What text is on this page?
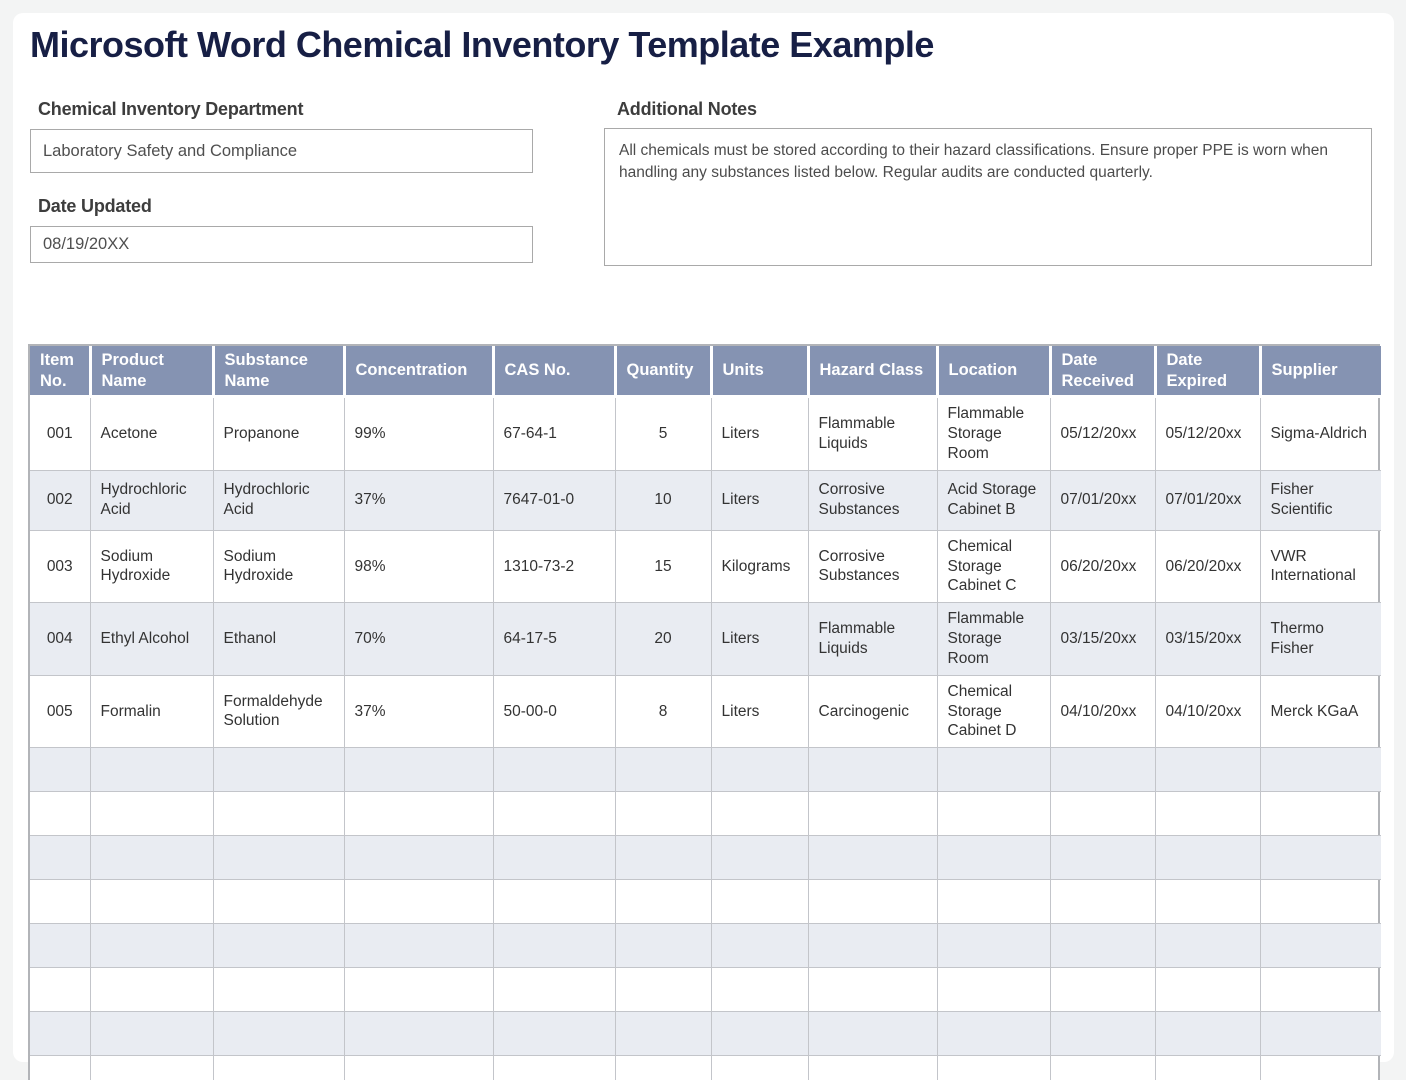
Microsoft Word Chemical Inventory Template Example
Chemical Inventory Department
Laboratory Safety and Compliance
Date Updated
08/19/20XX
Additional Notes
All chemicals must be stored according to their hazard classifications. Ensure proper PPE is worn when handling any substances listed below. Regular audits are conducted quarterly.
Item No.	Product Name	Substance Name	Concentration	CAS No.	Quantity	Units	Hazard Class	Location	Date Received	Date Expired	Supplier
001	Acetone	Propanone	99%	67-64-1	5	Liters	Flammable Liquids	Flammable Storage Room	05/12/20xx	05/12/20xx	Sigma-Aldrich
002	Hydrochloric Acid	Hydrochloric Acid	37%	7647-01-0	10	Liters	Corrosive Substances	Acid Storage Cabinet B	07/01/20xx	07/01/20xx	Fisher Scientific
003	Sodium Hydroxide	Sodium Hydroxide	98%	1310-73-2	15	Kilograms	Corrosive Substances	Chemical Storage Cabinet C	06/20/20xx	06/20/20xx	VWR International
004	Ethyl Alcohol	Ethanol	70%	64-17-5	20	Liters	Flammable Liquids	Flammable Storage Room	03/15/20xx	03/15/20xx	Thermo Fisher
005	Formalin	Formaldehyde Solution	37%	50-00-0	8	Liters	Carcinogenic	Chemical Storage Cabinet D	04/10/20xx	04/10/20xx	Merck KGaA
